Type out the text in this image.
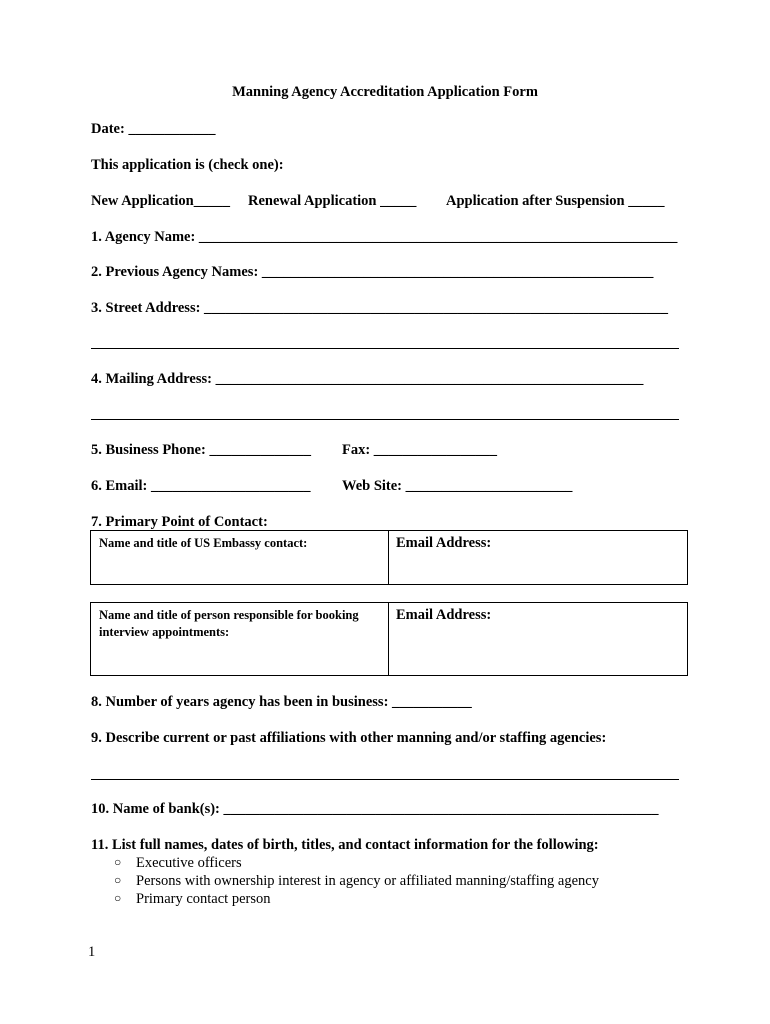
Manning Agency Accreditation Application Form
Date: ____________
This application is (check one):
New Application_____ Renewal Application _____ Application after Suspension _____
1. Agency Name: __________________________________________________________________
2. Previous Agency Names: ______________________________________________________
3. Street Address: ________________________________________________________________
4. Mailing Address: ___________________________________________________________
5. Business Phone: ______________ Fax: _________________
6. Email: ______________________ Web Site: _______________________
7. Primary Point of Contact:
Name and title of US Embassy contact:	Email Address:
Name and title of person responsible for booking interview appointments:
Email Address:
8. Number of years agency has been in business: ___________
9. Describe current or past affiliations with other manning and/or staffing agencies:
10. Name of bank(s): ____________________________________________________________
11. List full names, dates of birth, titles, and contact information for the following:
○ Executive officers
○ Persons with ownership interest in agency or affiliated manning/staffing agency
○ Primary contact person
1
